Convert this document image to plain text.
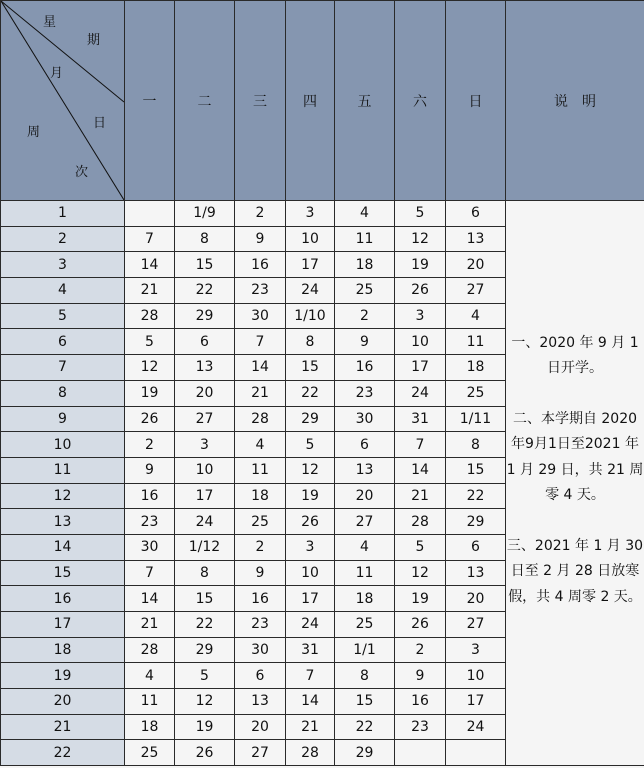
星
期
月
日
周
次
	一	二	三	四	五	六	日	说　明
1		1/9	2	3	4	5	6	一、2020 年 9 月 1 日开学。

二、本学期自 2020 年9月1日至2021 年 1 月 29 日，共 21 周零 4 天。

三、2021 年 1 月 30 日至 2 月 28 日放寒假，共 4 周零 2 天。

2	7	8	9	10	11	12	13	
3	14	15	16	17	18	19	20	
4	21	22	23	24	25	26	27	
5	28	29	30	1/10	2	3	4	
6	5	6	7	8	9	10	11	
7	12	13	14	15	16	17	18	
8	19	20	21	22	23	24	25	
9	26	27	28	29	30	31	1/11	
10	2	3	4	5	6	7	8	
11	9	10	11	12	13	14	15	
12	16	17	18	19	20	21	22	
13	23	24	25	26	27	28	29	
14	30	1/12	2	3	4	5	6	
15	7	8	9	10	11	12	13	
16	14	15	16	17	18	19	20	
17	21	22	23	24	25	26	27	
18	28	29	30	31	1/1	2	3	
19	4	5	6	7	8	9	10	
20	11	12	13	14	15	16	17	
21	18	19	20	21	22	23	24	
22	25	26	27	28	29			
